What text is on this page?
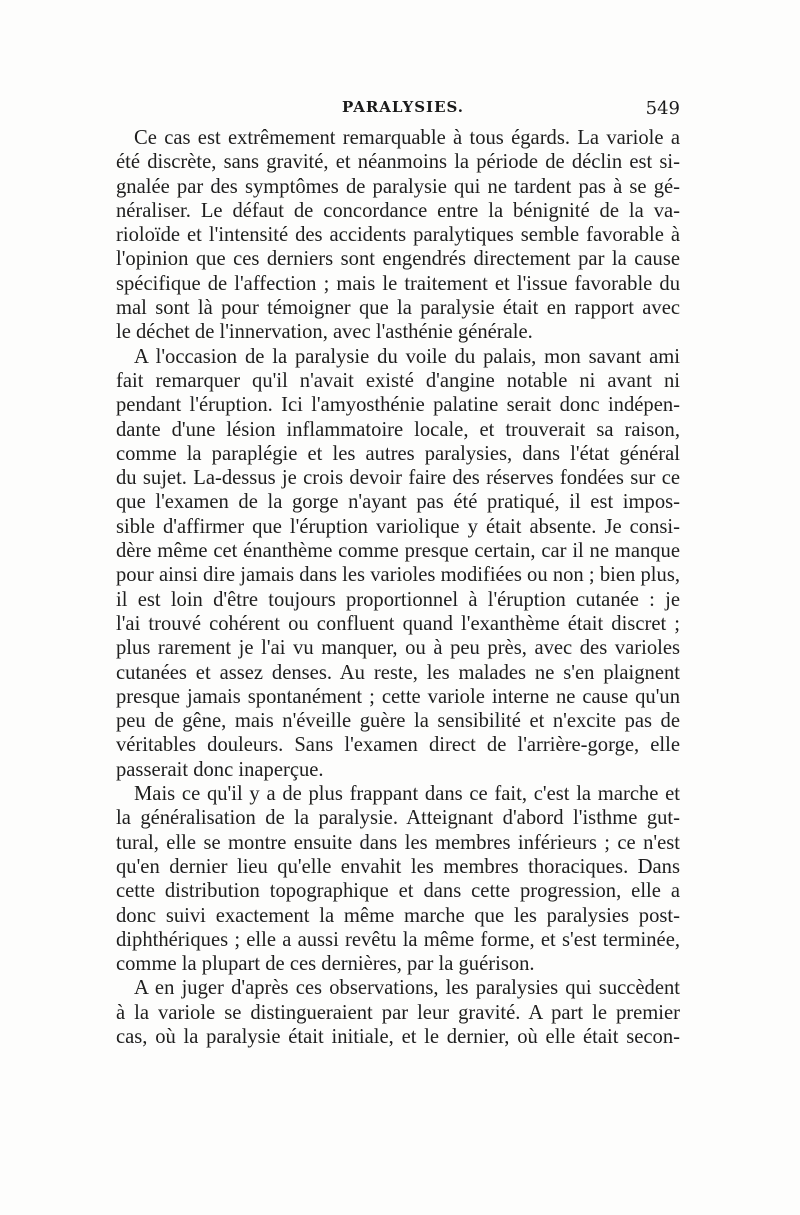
PARALYSIES.	549
Ce cas est extrêmement remarquable à tous égards. La variole a
été discrète, sans gravité, et néanmoins la période de déclin est si-
gnalée par des symptômes de paralysie qui ne tardent pas à se gé-
néraliser. Le défaut de concordance entre la bénignité de la va-
rioloïde et l'intensité des accidents paralytiques semble favorable à
l'opinion que ces derniers sont engendrés directement par la cause
spécifique de l'affection ; mais le traitement et l'issue favorable du
mal sont là pour témoigner que la paralysie était en rapport avec
le déchet de l'innervation, avec l'asthénie générale.
A l'occasion de la paralysie du voile du palais, mon savant ami
fait remarquer qu'il n'avait existé d'angine notable ni avant ni
pendant l'éruption. Ici l'amyosthénie palatine serait donc indépen-
dante d'une lésion inflammatoire locale, et trouverait sa raison,
comme la paraplégie et les autres paralysies, dans l'état général
du sujet. La-dessus je crois devoir faire des réserves fondées sur ce
que l'examen de la gorge n'ayant pas été pratiqué, il est impos-
sible d'affirmer que l'éruption variolique y était absente. Je consi-
dère même cet énanthème comme presque certain, car il ne manque
pour ainsi dire jamais dans les varioles modifiées ou non ; bien plus,
il est loin d'être toujours proportionnel à l'éruption cutanée : je
l'ai trouvé cohérent ou confluent quand l'exanthème était discret ;
plus rarement je l'ai vu manquer, ou à peu près, avec des varioles
cutanées et assez denses. Au reste, les malades ne s'en plaignent
presque jamais spontanément ; cette variole interne ne cause qu'un
peu de gêne, mais n'éveille guère la sensibilité et n'excite pas de
véritables douleurs. Sans l'examen direct de l'arrière-gorge, elle
passerait donc inaperçue.
Mais ce qu'il y a de plus frappant dans ce fait, c'est la marche et
la généralisation de la paralysie. Atteignant d'abord l'isthme gut-
tural, elle se montre ensuite dans les membres inférieurs ; ce n'est
qu'en dernier lieu qu'elle envahit les membres thoraciques. Dans
cette distribution topographique et dans cette progression, elle a
donc suivi exactement la même marche que les paralysies post-
diphthériques ; elle a aussi revêtu la même forme, et s'est terminée,
comme la plupart de ces dernières, par la guérison.
A en juger d'après ces observations, les paralysies qui succèdent
à la variole se distingueraient par leur gravité. A part le premier
cas, où la paralysie était initiale, et le dernier, où elle était secon-
